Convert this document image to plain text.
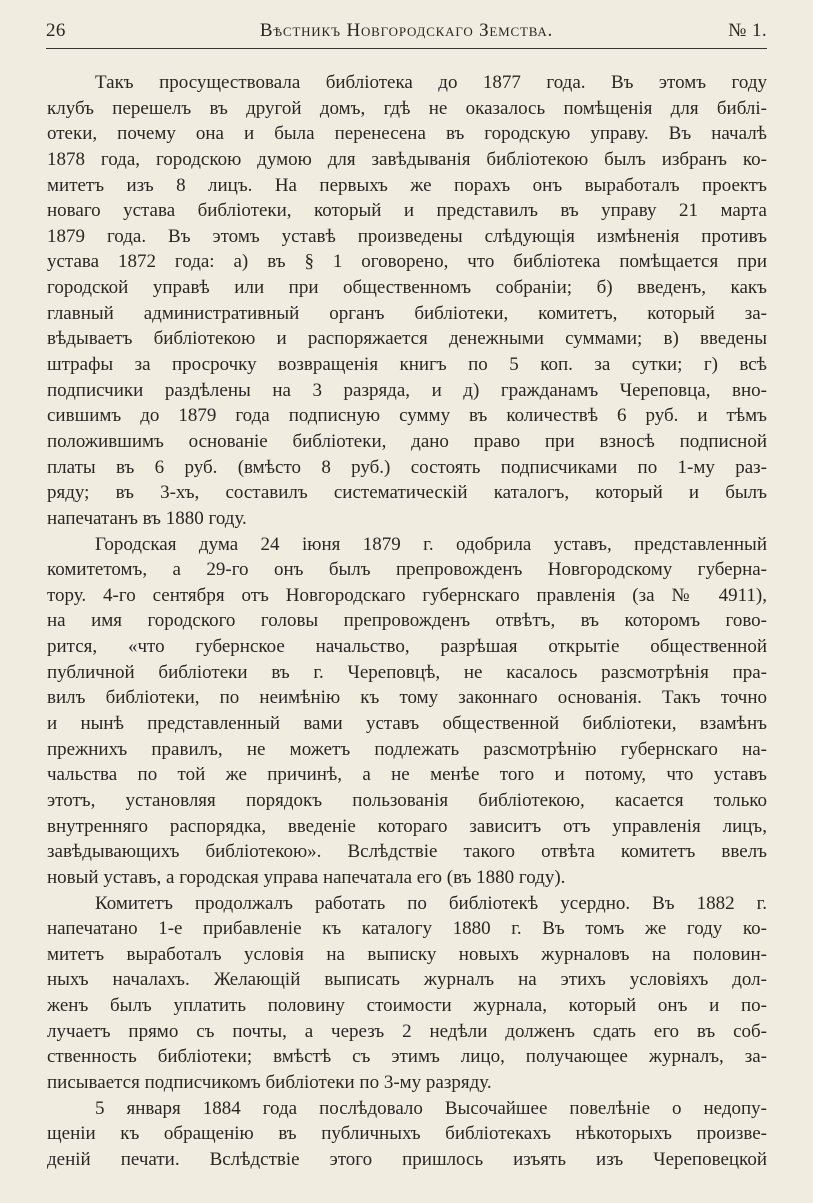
26	Вѣстникъ Новгородскаго Земства.	№ 1.
Такъ просуществовала библіотека до 1877 года. Въ этомъ году
клубъ перешелъ въ другой домъ, гдѣ не оказалось помѣщенія для библі-
отеки, почему она и была перенесена въ городскую управу. Въ началѣ
1878 года, городскою думою для завѣдыванія библіотекою былъ избранъ ко-
митетъ изъ 8 лицъ. На первыхъ же порахъ онъ выработалъ проектъ
новаго устава библіотеки, который и представилъ въ управу 21 марта
1879 года. Въ этомъ уставѣ произведены слѣдующія измѣненія противъ
устава 1872 года: а) въ § 1 оговорено, что библіотека помѣщается при
городской управѣ или при общественномъ собраніи; б) введенъ, какъ
главный административный органъ библіотеки, комитетъ, который за-
вѣдываетъ библіотекою и распоряжается денежными суммами; в) введены
штрафы за просрочку возвращенія книгъ по 5 коп. за сутки; г) всѣ
подписчики раздѣлены на 3 разряда, и д) гражданамъ Череповца, вно-
сившимъ до 1879 года подписную сумму въ количествѣ 6 руб. и тѣмъ
положившимъ основаніе библіотеки, дано право при взносѣ подписной
платы въ 6 руб. (вмѣсто 8 руб.) состоять подписчиками по 1-му раз-
ряду; въ 3-хъ, составилъ систематическій каталогъ, который и былъ
напечатанъ въ 1880 году.
Городская дума 24 іюня 1879 г. одобрила уставъ, представленный
комитетомъ, а 29-го онъ былъ препровожденъ Новгородскому губерна-
тору. 4-го сентября отъ Новгородскаго губернскаго правленія (за № 4911),
на имя городского головы препровожденъ отвѣтъ, въ которомъ гово-
рится, «что губернское начальство, разрѣшая открытіе общественной
публичной библіотеки въ г. Череповцѣ, не касалось разсмотрѣнія пра-
вилъ библіотеки, по неимѣнію къ тому законнаго основанія. Такъ точно
и нынѣ представленный вами уставъ общественной библіотеки, взамѣнъ
прежнихъ правилъ, не можетъ подлежать разсмотрѣнію губернскаго на-
чальства по той же причинѣ, а не менѣе того и потому, что уставъ
этотъ, установляя порядокъ пользованія библіотекою, касается только
внутренняго распорядка, введеніе котораго зависитъ отъ управленія лицъ,
завѣдывающихъ библіотекою». Вслѣдствіе такого отвѣта комитетъ ввелъ
новый уставъ, а городская управа напечатала его (въ 1880 году).
Комитетъ продолжалъ работать по библіотекѣ усердно. Въ 1882 г.
напечатано 1-е прибавленіе къ каталогу 1880 г. Въ томъ же году ко-
митетъ выработалъ условія на выписку новыхъ журналовъ на половин-
ныхъ началахъ. Желающій выписать журналъ на этихъ условіяхъ дол-
женъ былъ уплатить половину стоимости журнала, который онъ и по-
лучаетъ прямо съ почты, а черезъ 2 недѣли долженъ сдать его въ соб-
ственность библіотеки; вмѣстѣ съ этимъ лицо, получающее журналъ, за-
писывается подписчикомъ библіотеки по 3-му разряду.
5 января 1884 года послѣдовало Высочайшее повелѣніе о недопу-
щеніи къ обращенію въ публичныхъ библіотекахъ нѣкоторыхъ произве-
деній печати. Вслѣдствіе этого пришлось изъять изъ Череповецкой
